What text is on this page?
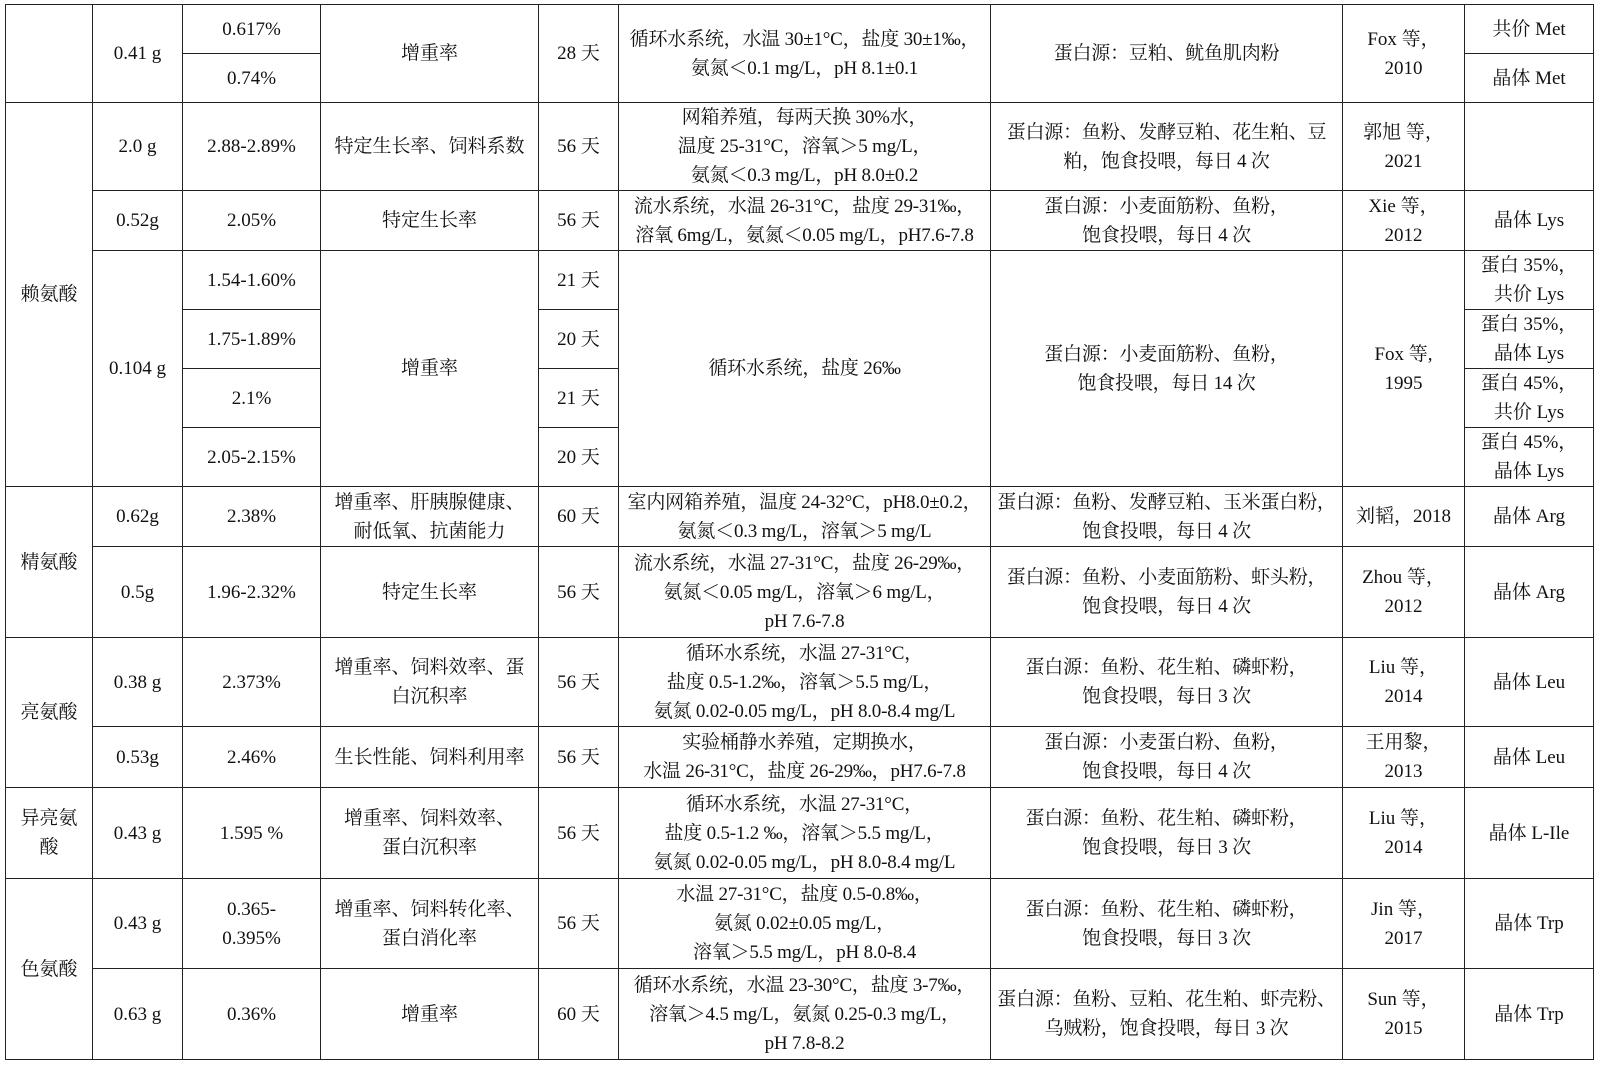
	0.41 g	0.617%	增重率	28 天	循环水系统，水温 30±1°C，盐度 30±1‰，
氨氮＜0.1 mg/L，pH 8.1±0.1	蛋白源：豆粕、鱿鱼肌肉粉	Fox 等，
2010	共价 Met
		0.74%						晶体 Met
赖氨酸	2.0 g	2.88-2.89%	特定生长率、饲料系数	56 天	网箱养殖，每两天换 30%水，
温度 25-31°C，溶氧＞5 mg/L，
氨氮＜0.3 mg/L，pH 8.0±0.2	蛋白源：鱼粉、发酵豆粕、花生粕、豆
粕，饱食投喂，每日 4 次	郭旭 等，
2021	
	0.52g	2.05%	特定生长率	56 天	流水系统，水温 26-31°C，盐度 29-31‰，
溶氧 6mg/L，氨氮＜0.05 mg/L，pH7.6-7.8	蛋白源：小麦面筋粉、鱼粉，
饱食投喂，每日 4 次	Xie 等，
2012	晶体 Lys
	0.104 g	1.54-1.60%	增重率	21 天	循环水系统，盐度 26‰	蛋白源：小麦面筋粉、鱼粉，
饱食投喂，每日 14 次	Fox 等,
1995	蛋白 35%，
共价 Lys
		1.75-1.89%		20 天				蛋白 35%，
晶体 Lys
		2.1%		21 天				蛋白 45%，
共价 Lys
		2.05-2.15%		20 天				蛋白 45%，
晶体 Lys
精氨酸	0.62g	2.38%	增重率、肝胰腺健康、
耐低氧、抗菌能力	60 天	室内网箱养殖，温度 24-32°C，pH8.0±0.2，
氨氮＜0.3 mg/L，溶氧＞5 mg/L	蛋白源：鱼粉、发酵豆粕、玉米蛋白粉，
饱食投喂，每日 4 次	刘韬，2018	晶体 Arg
	0.5g	1.96-2.32%	特定生长率	56 天	流水系统，水温 27-31°C，盐度 26-29‰，
氨氮＜0.05 mg/L，溶氧＞6 mg/L，
pH 7.6-7.8	蛋白源：鱼粉、小麦面筋粉、虾头粉，
饱食投喂，每日 4 次	Zhou 等，
2012	晶体 Arg
亮氨酸	0.38 g	2.373%	增重率、饲料效率、蛋
白沉积率	56 天	循环水系统，水温 27-31°C，
盐度 0.5-1.2‰，溶氧＞5.5 mg/L，
氨氮 0.02-0.05 mg/L，pH 8.0-8.4 mg/L	蛋白源：鱼粉、花生粕、磷虾粉，
饱食投喂，每日 3 次	Liu 等，
2014	晶体 Leu
	0.53g	2.46%	生长性能、饲料利用率	56 天	实验桶静水养殖，定期换水，
水温 26-31°C，盐度 26-29‰，pH7.6-7.8	蛋白源：小麦蛋白粉、鱼粉，
饱食投喂，每日 4 次	王用黎，
2013	晶体 Leu
异亮氨
酸	0.43 g	1.595 %	增重率、饲料效率、
蛋白沉积率	56 天	循环水系统，水温 27-31°C，
盐度 0.5-1.2 ‰，溶氧＞5.5 mg/L，
氨氮 0.02-0.05 mg/L，pH 8.0-8.4 mg/L	蛋白源：鱼粉、花生粕、磷虾粉，
饱食投喂，每日 3 次	Liu 等，
2014	晶体 L-Ile
色氨酸	0.43 g	0.365-
0.395%	增重率、饲料转化率、
蛋白消化率	56 天	水温 27-31°C，盐度 0.5-0.8‰，
氨氮 0.02±0.05 mg/L，
溶氧＞5.5 mg/L，pH 8.0-8.4	蛋白源：鱼粉、花生粕、磷虾粉，
饱食投喂，每日 3 次	Jin 等，
2017	晶体 Trp
	0.63 g	0.36%	增重率	60 天	循环水系统，水温 23-30°C，盐度 3-7‰，
溶氧＞4.5 mg/L，氨氮 0.25-0.3 mg/L，
pH 7.8-8.2	蛋白源：鱼粉、豆粕、花生粕、虾壳粉、
乌贼粉，饱食投喂，每日 3 次	Sun 等，
2015	晶体 Trp
